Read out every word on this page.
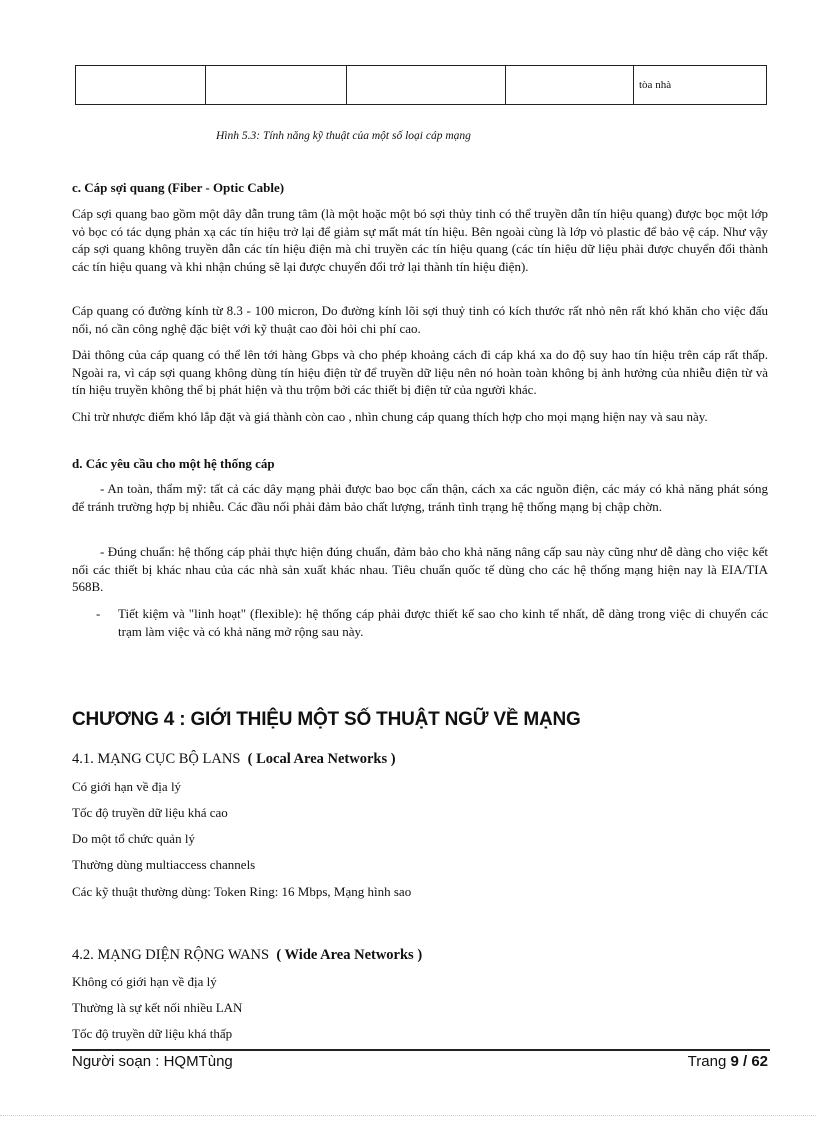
				tòa nhà
Hình 5.3: Tính năng kỹ thuật của một số loại cáp mạng
c. Cáp sợi quang (Fiber - Optic Cable)

Cáp sợi quang bao gồm một dây dẫn trung tâm (là một hoặc một bó sợi thủy tinh có thể truyền dẫn tín hiệu quang) được bọc một lớp vỏ bọc có tác dụng phản xạ các tín hiệu trở lại để giảm sự mất mát tín hiệu. Bên ngoài cùng là lớp vỏ plastic để bảo vệ cáp. Như vậy cáp sợi quang không truyền dẫn các tín hiệu điện mà chỉ truyền các tín hiệu quang (các tín hiệu dữ liệu phải được chuyển đổi thành các tín hiệu quang và khi nhận chúng sẽ lại được chuyển đổi trở lại thành tín hiệu điện).

Cáp quang có đường kính từ 8.3 - 100 micron, Do đường kính lõi sợi thuỷ tinh có kích thước rất nhỏ nên rất khó khăn cho việc đấu nối, nó cần công nghệ đặc biệt với kỹ thuật cao đòi hỏi chi phí cao.

Dải thông của cáp quang có thể lên tới hàng Gbps và cho phép khoảng cách đi cáp khá xa do độ suy hao tín hiệu trên cáp rất thấp. Ngoài ra, vì cáp sợi quang không dùng tín hiệu điện từ để truyền dữ liệu nên nó hoàn toàn không bị ảnh hưởng của nhiễu điện từ và tín hiệu truyền không thể bị phát hiện và thu trộm bởi các thiết bị điện tử của người khác.

Chỉ trừ nhược điểm khó lắp đặt và giá thành còn cao , nhìn chung cáp quang thích hợp cho mọi mạng hiện nay và sau này.

d. Các yêu cầu cho một hệ thống cáp

- An toàn, thẩm mỹ: tất cả các dây mạng phải được bao bọc cẩn thận, cách xa các nguồn điện, các máy có khả năng phát sóng để tránh trường hợp bị nhiễu. Các đầu nối phải đảm bảo chất lượng, tránh tình trạng hệ thống mạng bị chập chờn.

- Đúng chuẩn: hệ thống cáp phải thực hiện đúng chuẩn, đảm bảo cho khả năng nâng cấp sau này cũng như dễ dàng cho việc kết nối các thiết bị khác nhau của các nhà sản xuất khác nhau. Tiêu chuẩn quốc tế dùng cho các hệ thống mạng hiện nay là EIA/TIA 568B.

- Tiết kiệm và "linh hoạt" (flexible): hệ thống cáp phải được thiết kế sao cho kinh tế nhất, dễ dàng trong việc di chuyển các trạm làm việc và có khả năng mở rộng sau này.
CHƯƠNG 4 : GIỚI THIỆU MỘT SỐ THUẬT NGỮ VỀ MẠNG
4.1. MẠNG CỤC BỘ LANS ( Local Area Networks )
Có giới hạn về địa lý
Tốc độ truyền dữ liệu khá cao
Do một tổ chức quản lý
Thường dùng multiaccess channels
Các kỹ thuật thường dùng: Token Ring: 16 Mbps, Mạng hình sao
4.2. MẠNG DIỆN RỘNG WANS ( Wide Area Networks )
Không có giới hạn về địa lý
Thường là sự kết nối nhiều LAN
Tốc độ truyền dữ liệu khá thấp
Người soạn : HQMTùng	Trang 9 / 62
